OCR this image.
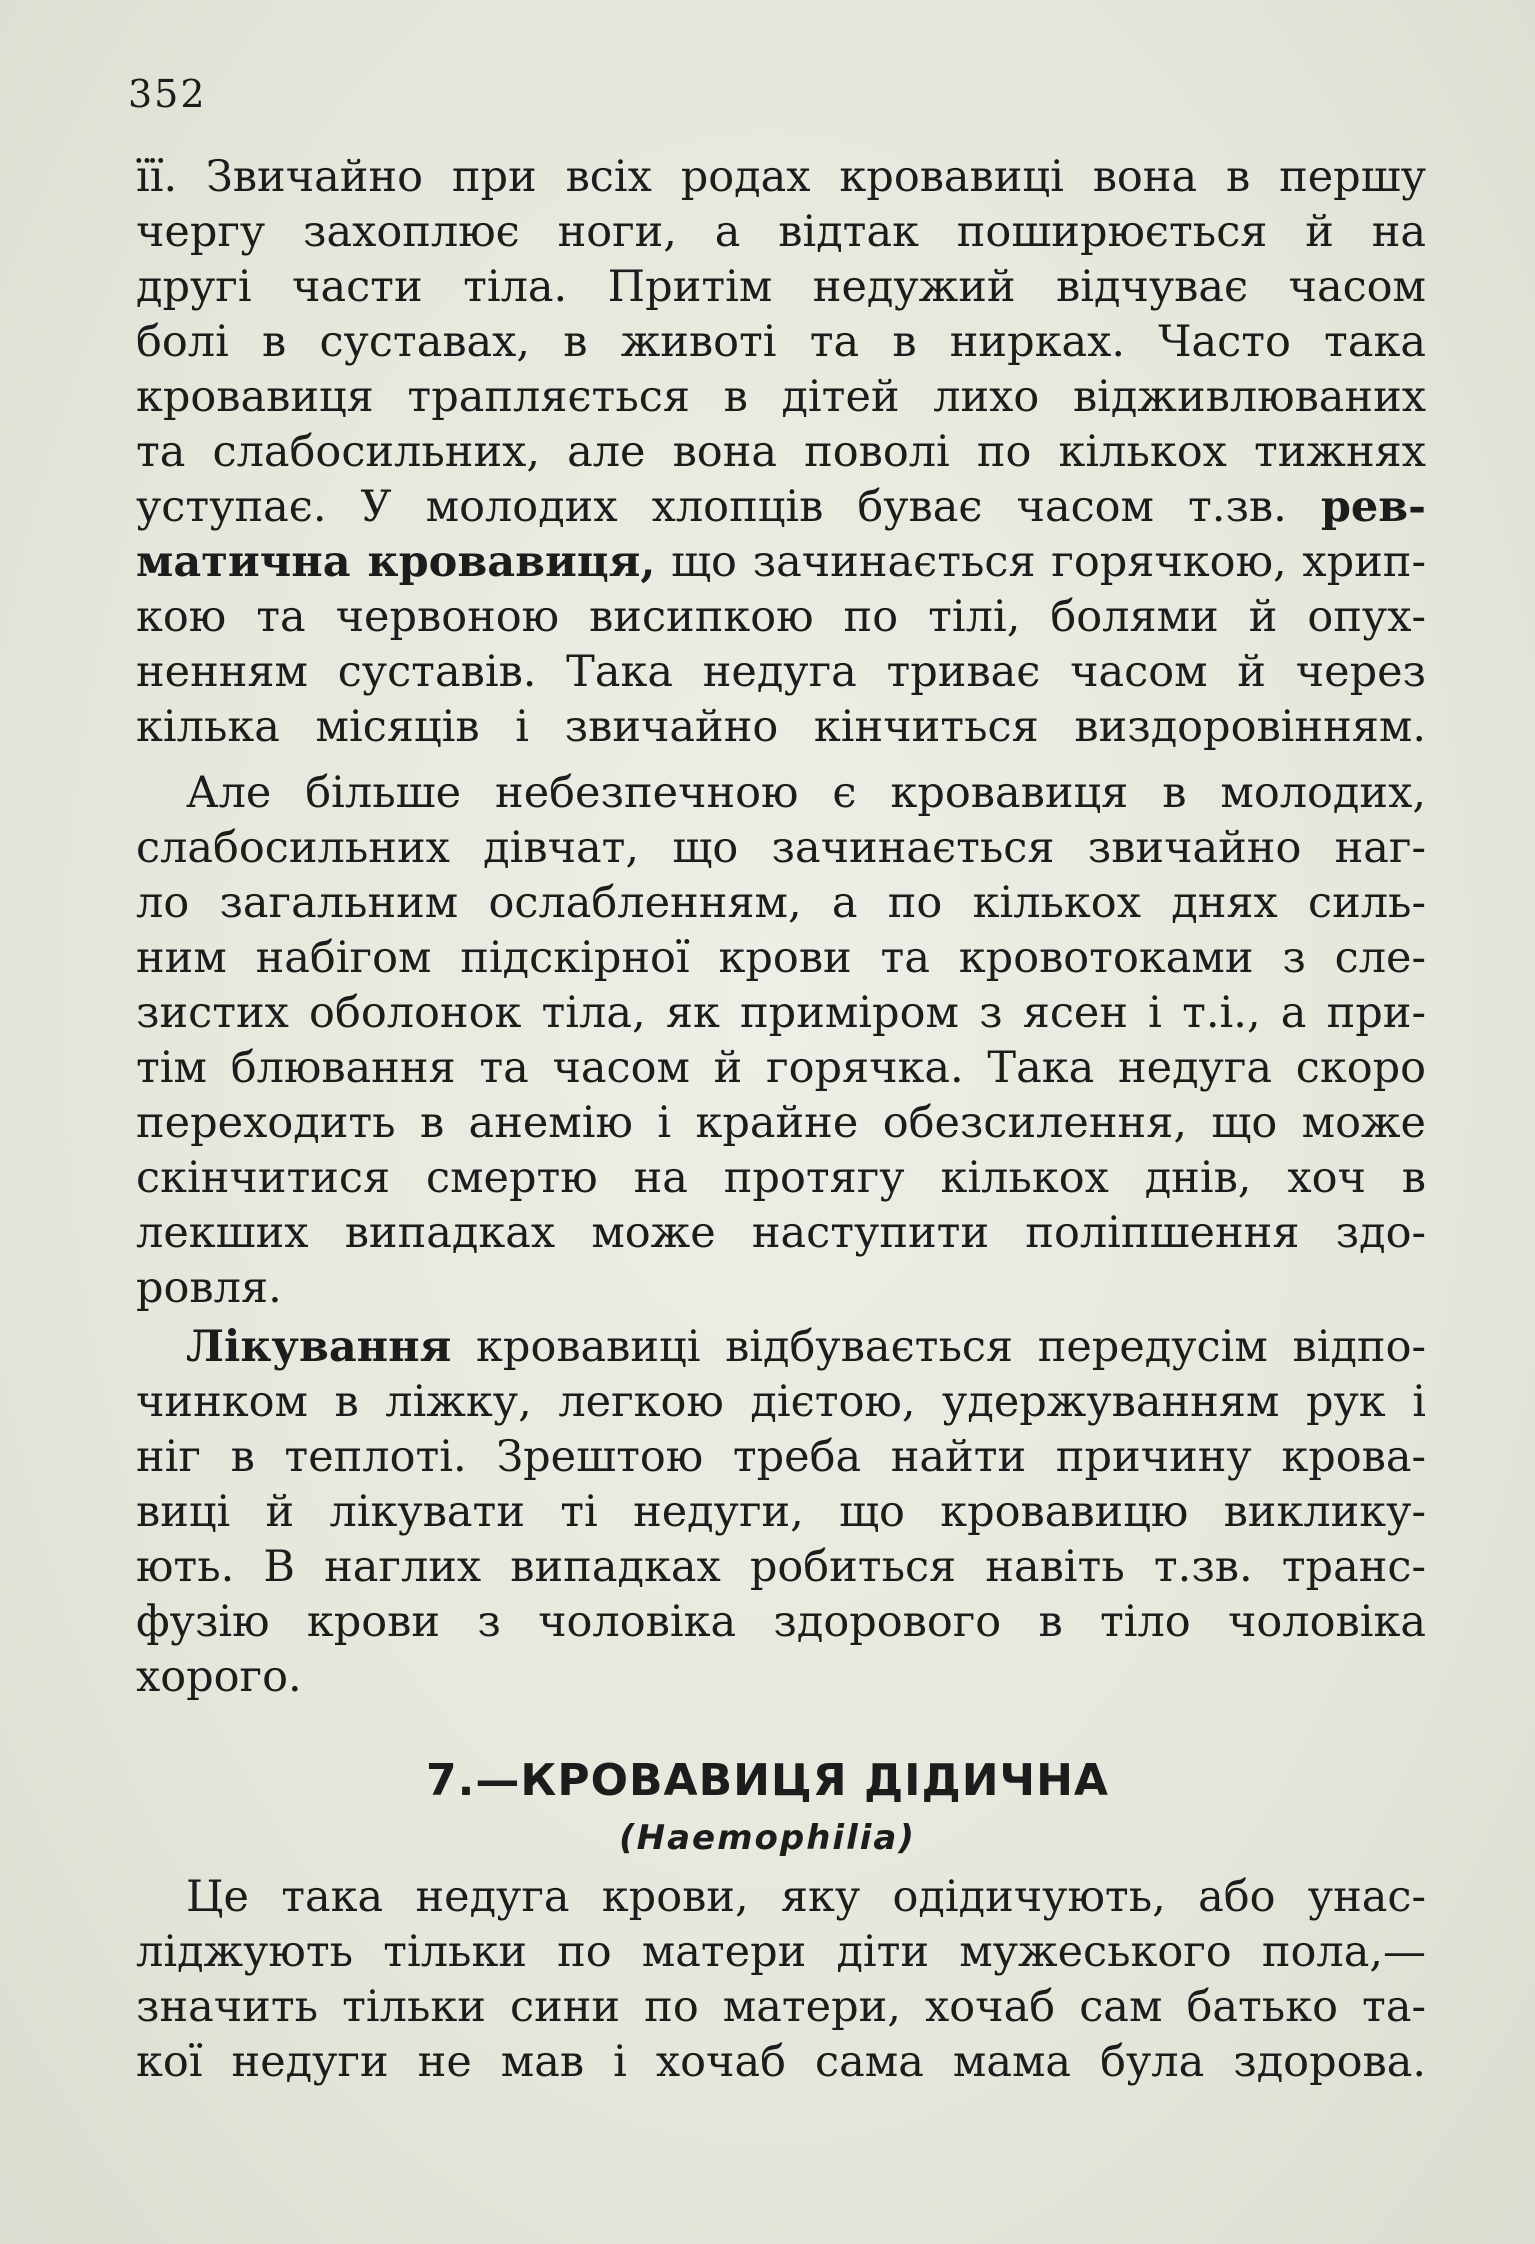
352
її. Звичайно при всіх родах кровавиці вона в першу
чергу захоплює ноги, а відтак поширюється й на
другі части тіла. Притім недужий відчуває часом
болі в суставах, в животі та в нирках. Часто така
кровавиця трапляється в дітей лихо відживлюваних
та слабосильних, але вона поволі по кількох тижнях
уступає. У молодих хлопців буває часом т.зв. рев-
матична кровавиця, що зачинається горячкою, хрип-
кою та червоною висипкою по тілі, болями й опух-
ненням суставів. Така недуга триває часом й через
кілька місяців і звичайно кінчиться виздоровінням.
Але більше небезпечною є кровавиця в молодих,
слабосильних дівчат, що зачинається звичайно наг-
ло загальним ослабленням, а по кількох днях силь-
ним набігом підскірної крови та кровотоками з сле-
зистих оболонок тіла, як приміром з ясен і т.і., а при-
тім блювання та часом й горячка. Така недуга скоро
переходить в анемію і крайне обезсилення, що може
скінчитися смертю на протягу кількох днів, хоч в
лекших випадках може наступити поліпшення здо-
ровля.
Лікування кровавиці відбувається передусім відпо-
чинком в ліжку, легкою дієтою, удержуванням рук і
ніг в теплоті. Зрештою треба найти причину крова-
виці й лікувати ті недуги, що кровавицю виклику-
ють. В наглих випадках робиться навіть т.зв. транс-
фузію крови з чоловіка здорового в тіло чоловіка
хорого.
7.—КРОВАВИЦЯ ДІДИЧНА
(Haemophilia)
Це така недуга крови, яку одідичують, або унас-
ліджують тільки по матери діти мужеського пола,—
значить тільки сини по матери, хочаб сам батько та-
кої недуги не мав і хочаб сама мама була здорова.
